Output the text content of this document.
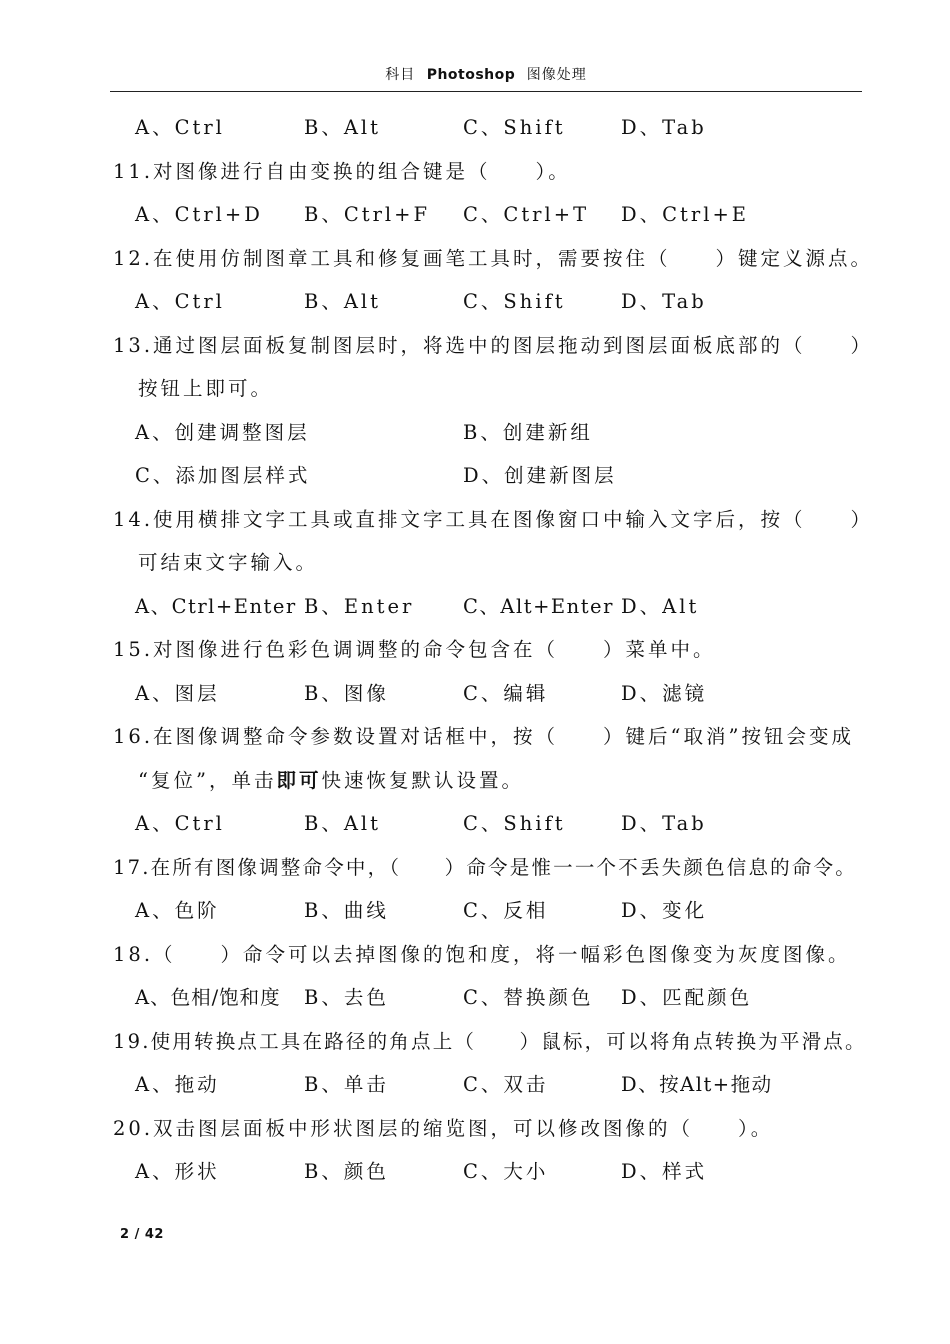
科目 Photoshop 图像处理
A、Ctrl	B、Alt	C、Shift	D、Tab
11.对图像进行自由变换的组合键是（　　）。
A、Ctrl+D B、Ctrl+F C、Ctrl+T D、Ctrl+E
12.在使用仿制图章工具和修复画笔工具时，需要按住（　　）键定义源点。
A、Ctrl	B、Alt	C、Shift	D、Tab
13.通过图层面板复制图层时，将选中的图层拖动到图层面板底部的（　　）
按钮上即可。
A、创建调整图层	B、创建新组
C、添加图层样式	D、创建新图层
14.使用横排文字工具或直排文字工具在图像窗口中输入文字后，按（　　）
可结束文字输入。
A、Ctrl+Enter B、Enter C、Alt+Enter D、Alt
15.对图像进行色彩色调调整的命令包含在（　　）菜单中。
A、图层	B、图像	C、编辑	D、滤镜
16.在图像调整命令参数设置对话框中，按（　　）键后“取消”按钮会变成
“复位”，单击即可快速恢复默认设置。
A、Ctrl	B、Alt	C、Shift	D、Tab
17.在所有图像调整命令中，（　　）命令是惟一一个不丢失颜色信息的命令。
A、色阶	B、曲线	C、反相	D、变化
18.（　　）命令可以去掉图像的饱和度，将一幅彩色图像变为灰度图像。
A、色相/饱和度 B、去色	C、替换颜色 D、匹配颜色
19.使用转换点工具在路径的角点上（　　）鼠标，可以将角点转换为平滑点。
A、拖动	B、单击	C、双击	D、按Alt+拖动
20.双击图层面板中形状图层的缩览图，可以修改图像的（　　）。
A、形状	B、颜色	C、大小	D、样式
2 / 42
